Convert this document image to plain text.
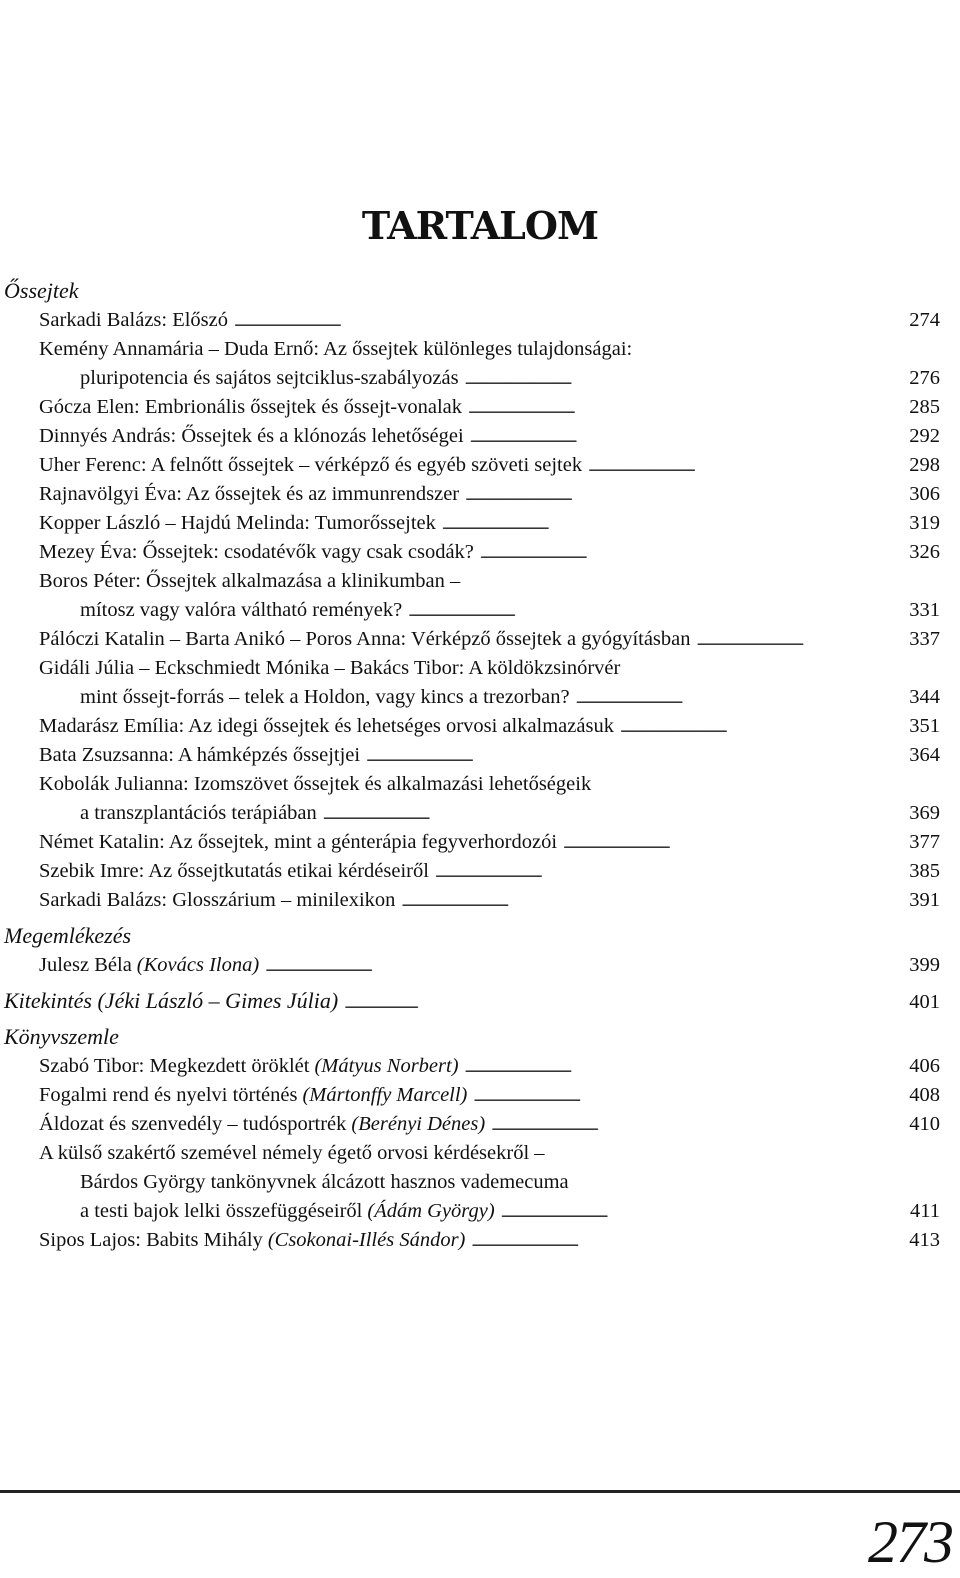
TARTALOM
Őssejtek
Sarkadi Balázs: Előszó . . .	274
Kemény Annamária – Duda Ernő: Az őssejtek különleges tulajdonságai:
pluripotencia és sajátos sejtciklus-szabályozás . . .	276
Gócza Elen: Embrionális őssejtek és őssejt-vonalak . . .	285
Dinnyés András: Őssejtek és a klónozás lehetőségei . . .	292
Uher Ferenc: A felnőtt őssejtek – vérképző és egyéb szöveti sejtek . . .	298
Rajnavölgyi Éva: Az őssejtek és az immunrendszer . . .	306
Kopper László – Hajdú Melinda: Tumorőssejtek . . .	319
Mezey Éva: Őssejtek: csodatévők vagy csak csodák? . . .	326
Boros Péter: Őssejtek alkalmazása a klinikumban –
mítosz vagy valóra váltható remények? . . .	331
Pálóczi Katalin – Barta Anikó – Poros Anna: Vérképző őssejtek a gyógyításban . . .	337
Gidáli Júlia – Eckschmiedt Mónika – Bakács Tibor: A köldökzsinórvér
mint őssejt-forrás – telek a Holdon, vagy kincs a trezorban? . . .	344
Madarász Emília: Az idegi őssejtek és lehetséges orvosi alkalmazásuk . . .	351
Bata Zsuzsanna: A hámképzés őssejtjei . . .	364
Kobolák Julianna: Izomszövet őssejtek és alkalmazási lehetőségeik
a transzplantációs terápiában . . .	369
Német Katalin: Az őssejtek, mint a génterápia fegyverhordozói . . .	377
Szebik Imre: Az őssejtkutatás etikai kérdéseiről . . .	385
Sarkadi Balázs: Glosszárium – minilexikon . . .	391
Megemlékezés
Julesz Béla (Kovács Ilona) . . .	399
Kitekintés (Jéki László – Gimes Júlia) . . . . . . . . . . . . . . . . . . . . . . . . . . . . . . . . . . . . . . . . . . . . . . . . . . . . . . . . . . . . . . . . . . . . . . . . . . . . . . . . . . . . . . . . . . . . . . . . . . . . . . . . . . . . . . . . . . . . . . . .	401
Könyvszemle
Szabó Tibor: Megkezdett öröklét (Mátyus Norbert) . . .	406
Fogalmi rend és nyelvi történés (Mártonffy Marcell) . . .	408
Áldozat és szenvedély – tudósportrék (Berényi Dénes) . . .	410
A külső szakértő szemével némely égető orvosi kérdésekről –
Bárdos György tankönyvnek álcázott hasznos vademecuma
a testi bajok lelki összefüggéseiről (Ádám György) . . .	411
Sipos Lajos: Babits Mihály (Csokonai-Illés Sándor) . . .	413
273
